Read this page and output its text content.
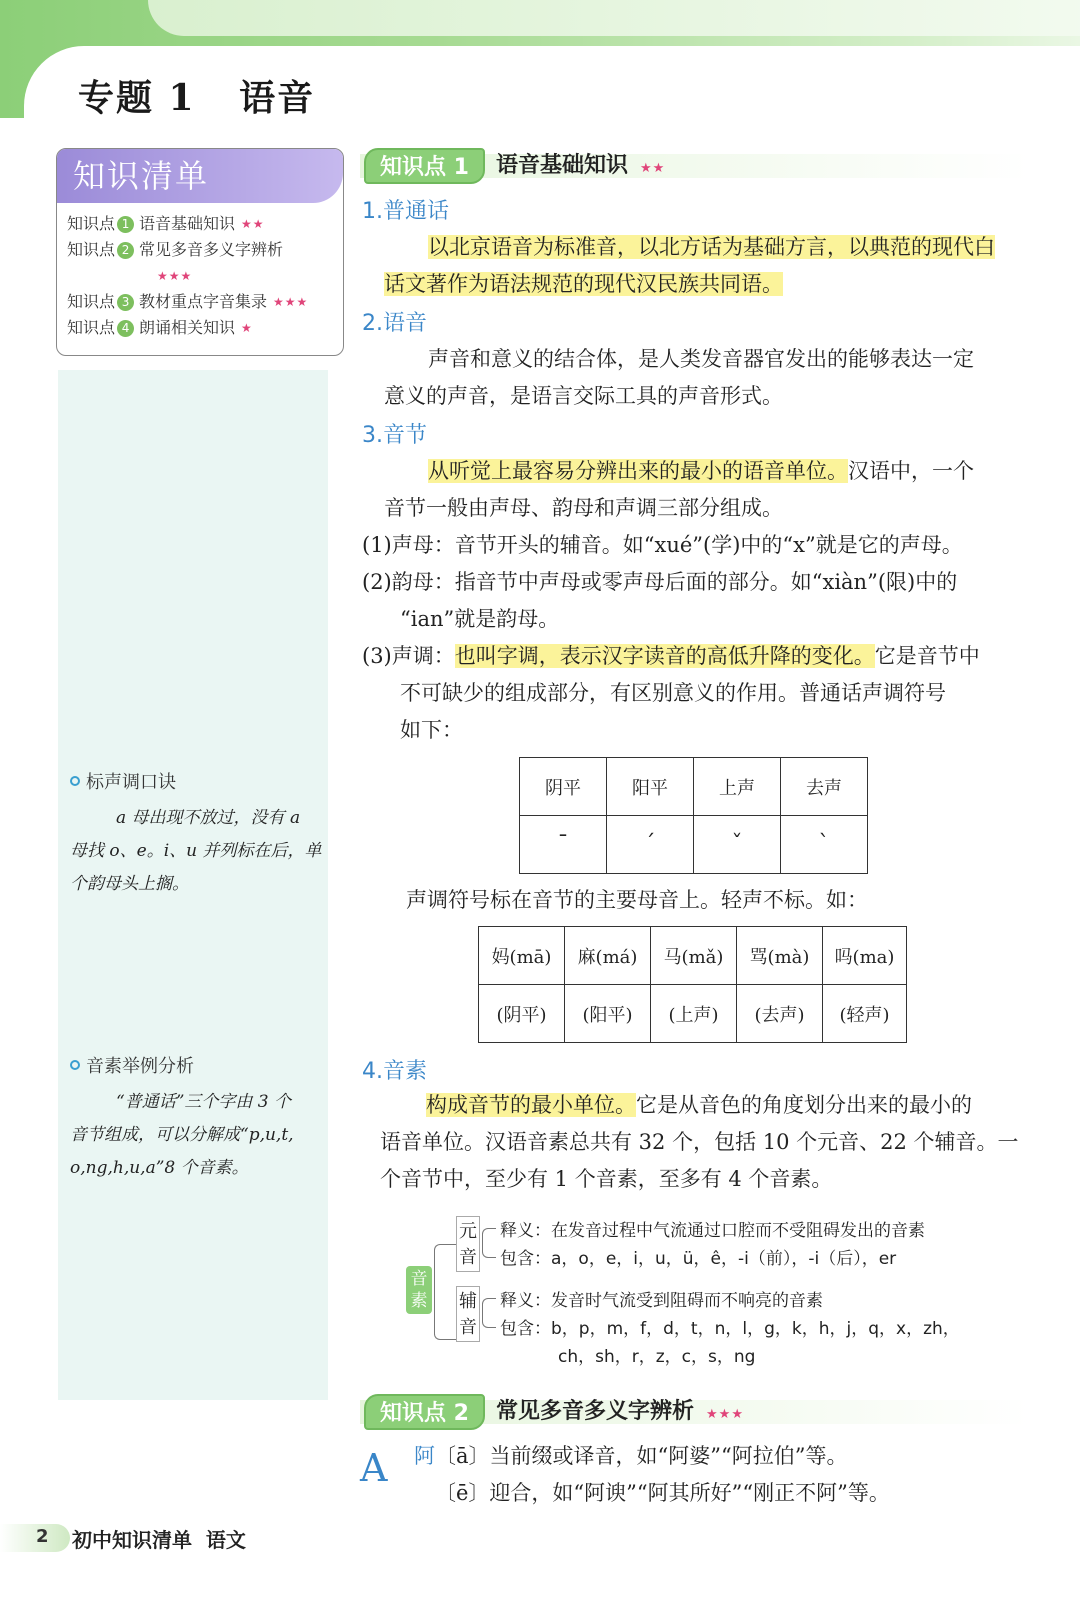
专题 1   语音
知识清单
知识点 1 语音基础知识 ★★
知识点 2 常见多音多义字辨析
★★★
知识点 3 教材重点字音集录 ★★★
知识点 4 朗诵相关知识 ★
标声调口诀
a 母出现不放过，没有 a
母找 o、e。i、u 并列标在后，单
个韵母头上搁。
音素举例分析
“普通话”三个字由 3 个
音节组成，可以分解成“p,u,t,
o,ng,h,u,a”8 个音素。
知识点 1	语音基础知识 ★★
1.普通话
以北京语音为标准音，以北方话为基础方言，以典范的现代白
话文著作为语法规范的现代汉民族共同语。
2.语音
声音和意义的结合体，是人类发音器官发出的能够表达一定
意义的声音，是语言交际工具的声音形式。
3.音节
从听觉上最容易分辨出来的最小的语音单位。汉语中，一个
音节一般由声母、韵母和声调三部分组成。
(1)声母：音节开头的辅音。如“xué”(学)中的“x”就是它的声母。
(2)韵母：指音节中声母或零声母后面的部分。如“xiàn”(限)中的
“ian”就是韵母。
(3)声调：也叫字调，表示汉字读音的高低升降的变化。它是音节中
不可缺少的组成部分，有区别意义的作用。普通话声调符号
如下：
阴平	阳平	上声	去声
ˉ	ˊ	ˇ	ˋ
声调符号标在音节的主要母音上。轻声不标。如：
妈(mā)	麻(má)	马(mǎ)	骂(mà)	吗(ma)
(阴平)	(阳平)	(上声)	(去声)	(轻声)
4.音素
构成音节的最小单位。它是从音色的角度划分出来的最小的
语音单位。汉语音素总共有 32 个，包括 10 个元音、22 个辅音。一
个音节中，至少有 1 个音素，至多有 4 个音素。
音素
元音
释义：在发音过程中气流通过口腔而不受阻碍发出的音素
包含：a，o，e，i，u，ü，ê，-i（前），-i（后），er
辅音
释义：发音时气流受到阻碍而不响亮的音素
包含：b，p，m，f，d，t，n，l，g，k，h，j，q，x，zh，
ch，sh，r，z，c，s，ng
知识点 2	常见多音多义字辨析 ★★★
A 阿〔ā〕当前缀或译音，如“阿婆”“阿拉伯”等。
〔ē〕迎合，如“阿谀”“阿其所好”“刚正不阿”等。
2 初中知识清单  语文
